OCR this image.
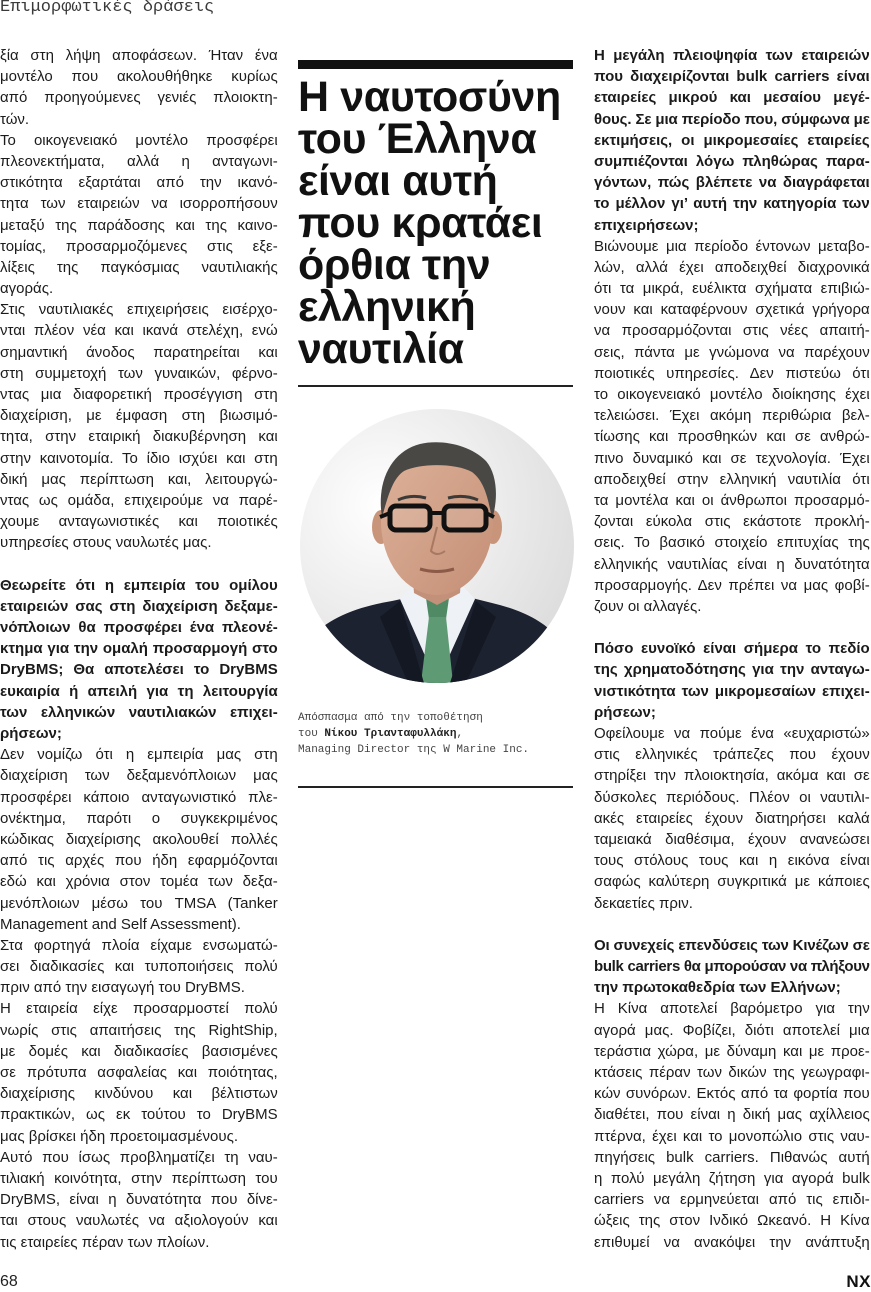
Επιμορφωτικές δράσεις
ξία στη λήψη αποφάσεων. Ήταν ένα
μοντέλο που ακολουθήθηκε κυρίως
από προηγούμενες γενιές πλοιοκτη-
τών.
Το οικογενειακό μοντέλο προσφέρει
πλεονεκτήματα, αλλά η ανταγωνι-
στικότητα εξαρτάται από την ικανό-
τητα των εταιρειών να ισορροπήσουν
μεταξύ της παράδοσης και της καινο-
τομίας, προσαρμοζόμενες στις εξε-
λίξεις της παγκόσμιας ναυτιλιακής
αγοράς.
Στις ναυτιλιακές επιχειρήσεις εισέρχο-
νται πλέον νέα και ικανά στελέχη, ενώ
σημαντική άνοδος παρατηρείται και
στη συμμετοχή των γυναικών, φέρνο-
ντας μια διαφορετική προσέγγιση στη
διαχείριση, με έμφαση στη βιωσιμό-
τητα, στην εταιρική διακυβέρνηση και
στην καινοτομία. Το ίδιο ισχύει και στη
δική μας περίπτωση και, λειτουργώ-
ντας ως ομάδα, επιχειρούμε να παρέ-
χουμε ανταγωνιστικές και ποιοτικές
υπηρεσίες στους ναυλωτές μας.
Θεωρείτε ότι η εμπειρία του ομίλου
εταιρειών σας στη διαχείριση δεξαμε-
νόπλοιων θα προσφέρει ένα πλεονέ-
κτημα για την ομαλή προσαρμογή στο
DryBMS; Θα αποτελέσει το DryBMS
ευκαιρία ή απειλή για τη λειτουργία
των ελληνικών ναυτιλιακών επιχει-
ρήσεων;
Δεν νομίζω ότι η εμπειρία μας στη
διαχείριση των δεξαμενόπλοιων μας
προσφέρει κάποιο ανταγωνιστικό πλε-
ονέκτημα, παρότι ο συγκεκριμένος
κώδικας διαχείρισης ακολουθεί πολλές
από τις αρχές που ήδη εφαρμόζονται
εδώ και χρόνια στον τομέα των δεξα-
μενόπλοιων μέσω του TMSA (Tanker
Management and Self Assessment).
Στα φορτηγά πλοία είχαμε ενσωματώ-
σει διαδικασίες και τυποποιήσεις πολύ
πριν από την εισαγωγή του DryBMS.
Η εταιρεία είχε προσαρμοστεί πολύ
νωρίς στις απαιτήσεις της RightShip,
με δομές και διαδικασίες βασισμένες
σε πρότυπα ασφαλείας και ποιότητας,
διαχείρισης κινδύνου και βέλτιστων
πρακτικών, ως εκ τούτου το DryBMS
μας βρίσκει ήδη προετοιμασμένους.
Αυτό που ίσως προβληματίζει τη ναυ-
τιλιακή κοινότητα, στην περίπτωση του
DryBMS, είναι η δυνατότητα που δίνε-
ται στους ναυλωτές να αξιολογούν και
τις εταιρείες πέραν των πλοίων.
Η ναυτοσύνη
του Έλληνα
είναι αυτή
που κρατάει
όρθια την
ελληνική
ναυτιλία
Απόσπασμα από την τοποθέτηση
του Νίκου Τριανταφυλλάκη,
Managing Director της W Marine Inc.
Η μεγάλη πλειοψηφία των εταιρειών
που διαχειρίζονται bulk carriers είναι
εταιρείες μικρού και μεσαίου μεγέ-
θους. Σε μια περίοδο που, σύμφωνα με
εκτιμήσεις, οι μικρομεσαίες εταιρείες
συμπιέζονται λόγω πληθώρας παρα-
γόντων, πώς βλέπετε να διαγράφεται
το μέλλον γι’ αυτή την κατηγορία των
επιχειρήσεων;
Βιώνουμε μια περίοδο έντονων μεταβο-
λών, αλλά έχει αποδειχθεί διαχρονικά
ότι τα μικρά, ευέλικτα σχήματα επιβιώ-
νουν και καταφέρνουν σχετικά γρήγορα
να προσαρμόζονται στις νέες απαιτή-
σεις, πάντα με γνώμονα να παρέχουν
ποιοτικές υπηρεσίες. Δεν πιστεύω ότι
το οικογενειακό μοντέλο διοίκησης έχει
τελειώσει. Έχει ακόμη περιθώρια βελ-
τίωσης και προσθηκών και σε ανθρώ-
πινο δυναμικό και σε τεχνολογία. Έχει
αποδειχθεί στην ελληνική ναυτιλία ότι
τα μοντέλα και οι άνθρωποι προσαρμό-
ζονται εύκολα στις εκάστοτε προκλή-
σεις. Το βασικό στοιχείο επιτυχίας της
ελληνικής ναυτιλίας είναι η δυνατότητα
προσαρμογής. Δεν πρέπει να μας φοβί-
ζουν οι αλλαγές.
Πόσο ευνοϊκό είναι σήμερα το πεδίο
της χρηματοδότησης για την ανταγω-
νιστικότητα των μικρομεσαίων επιχει-
ρήσεων;
Οφείλουμε να πούμε ένα «ευχαριστώ»
στις ελληνικές τράπεζες που έχουν
στηρίξει την πλοιοκτησία, ακόμα και σε
δύσκολες περιόδους. Πλέον οι ναυτιλι-
ακές εταιρείες έχουν διατηρήσει καλά
ταμειακά διαθέσιμα, έχουν ανανεώσει
τους στόλους τους και η εικόνα είναι
σαφώς καλύτερη συγκριτικά με κάποιες
δεκαετίες πριν.
Οι συνεχείς επενδύσεις των Κινέζων σε
bulk carriers θα μπορούσαν να πλήξουν
την πρωτοκαθεδρία των Ελλήνων;
Η Κίνα αποτελεί βαρόμετρο για την
αγορά μας. Φοβίζει, διότι αποτελεί μια
τεράστια χώρα, με δύναμη και με προε-
κτάσεις πέραν των δικών της γεωγραφι-
κών συνόρων. Εκτός από τα φορτία που
διαθέτει, που είναι η δική μας αχίλλειος
πτέρνα, έχει και το μονοπώλιο στις ναυ-
πηγήσεις bulk carriers. Πιθανώς αυτή
η πολύ μεγάλη ζήτηση για αγορά bulk
carriers να ερμηνεύεται από τις επιδι-
ώξεις της στον Ινδικό Ωκεανό. Η Κίνα
επιθυμεί να ανακόψει την ανάπτυξη
68	NX
